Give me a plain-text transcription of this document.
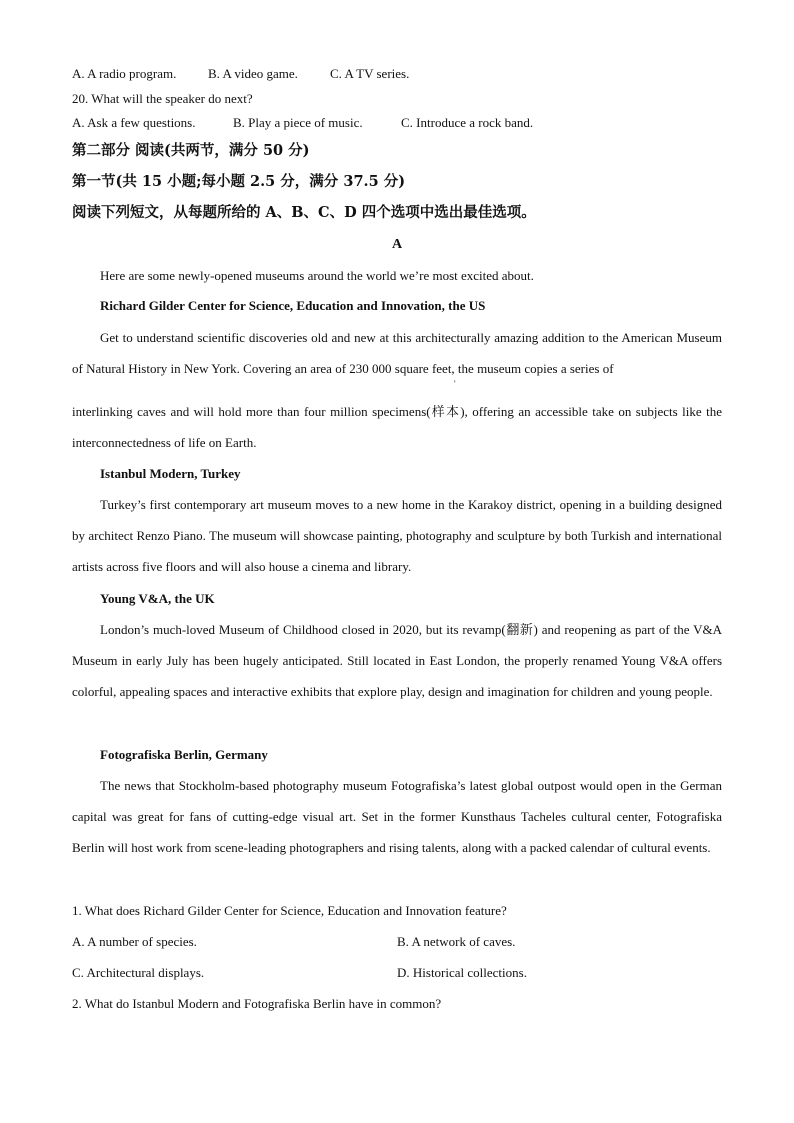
A. A radio program. B. A video game. C. A TV series.
20. What will the speaker do next?
A. Ask a few questions.	B. Play a piece of music.	C. Introduce a rock band.
第二部分 阅读(共两节，满分 50 分)
第一节(共 15 小题;每小题 2.5 分，满分 37.5 分)
阅读下列短文，从每题所给的 A、B、C、D 四个选项中选出最佳选项。
A
Here are some newly-opened museums around the world we’re most excited about.
Richard Gilder Center for Science, Education and Innovation, the US
Get to understand scientific discoveries old and new at this architecturally amazing addition to the American Museum of Natural History in New York. Covering an area of 230 000 square feet, the museum copies a series of
'
interlinking caves and will hold more than four million specimens(样本), offering an accessible take on subjects like the interconnectedness of life on Earth.
Istanbul Modern, Turkey
Turkey’s first contemporary art museum moves to a new home in the Karakoy district, opening in a building designed by architect Renzo Piano. The museum will showcase painting, photography and sculpture by both Turkish and international artists across five floors and will also house a cinema and library.
Young V&A, the UK
London’s much-loved Museum of Childhood closed in 2020, but its revamp(翻新) and reopening as part of the V&A Museum in early July has been hugely anticipated. Still located in East London, the properly renamed Young V&A offers colorful, appealing spaces and interactive exhibits that explore play, design and imagination for children and young people.
Fotografiska Berlin, Germany
The news that Stockholm-based photography museum Fotografiska’s latest global outpost would open in the German capital was great for fans of cutting-edge visual art. Set in the former Kunsthaus Tacheles cultural center, Fotografiska Berlin will host work from scene-leading photographers and rising talents, along with a packed calendar of cultural events.
1. What does Richard Gilder Center for Science, Education and Innovation feature?
A. A number of species.	B. A network of caves.
C. Architectural displays.	D. Historical collections.
2. What do Istanbul Modern and Fotografiska Berlin have in common?
